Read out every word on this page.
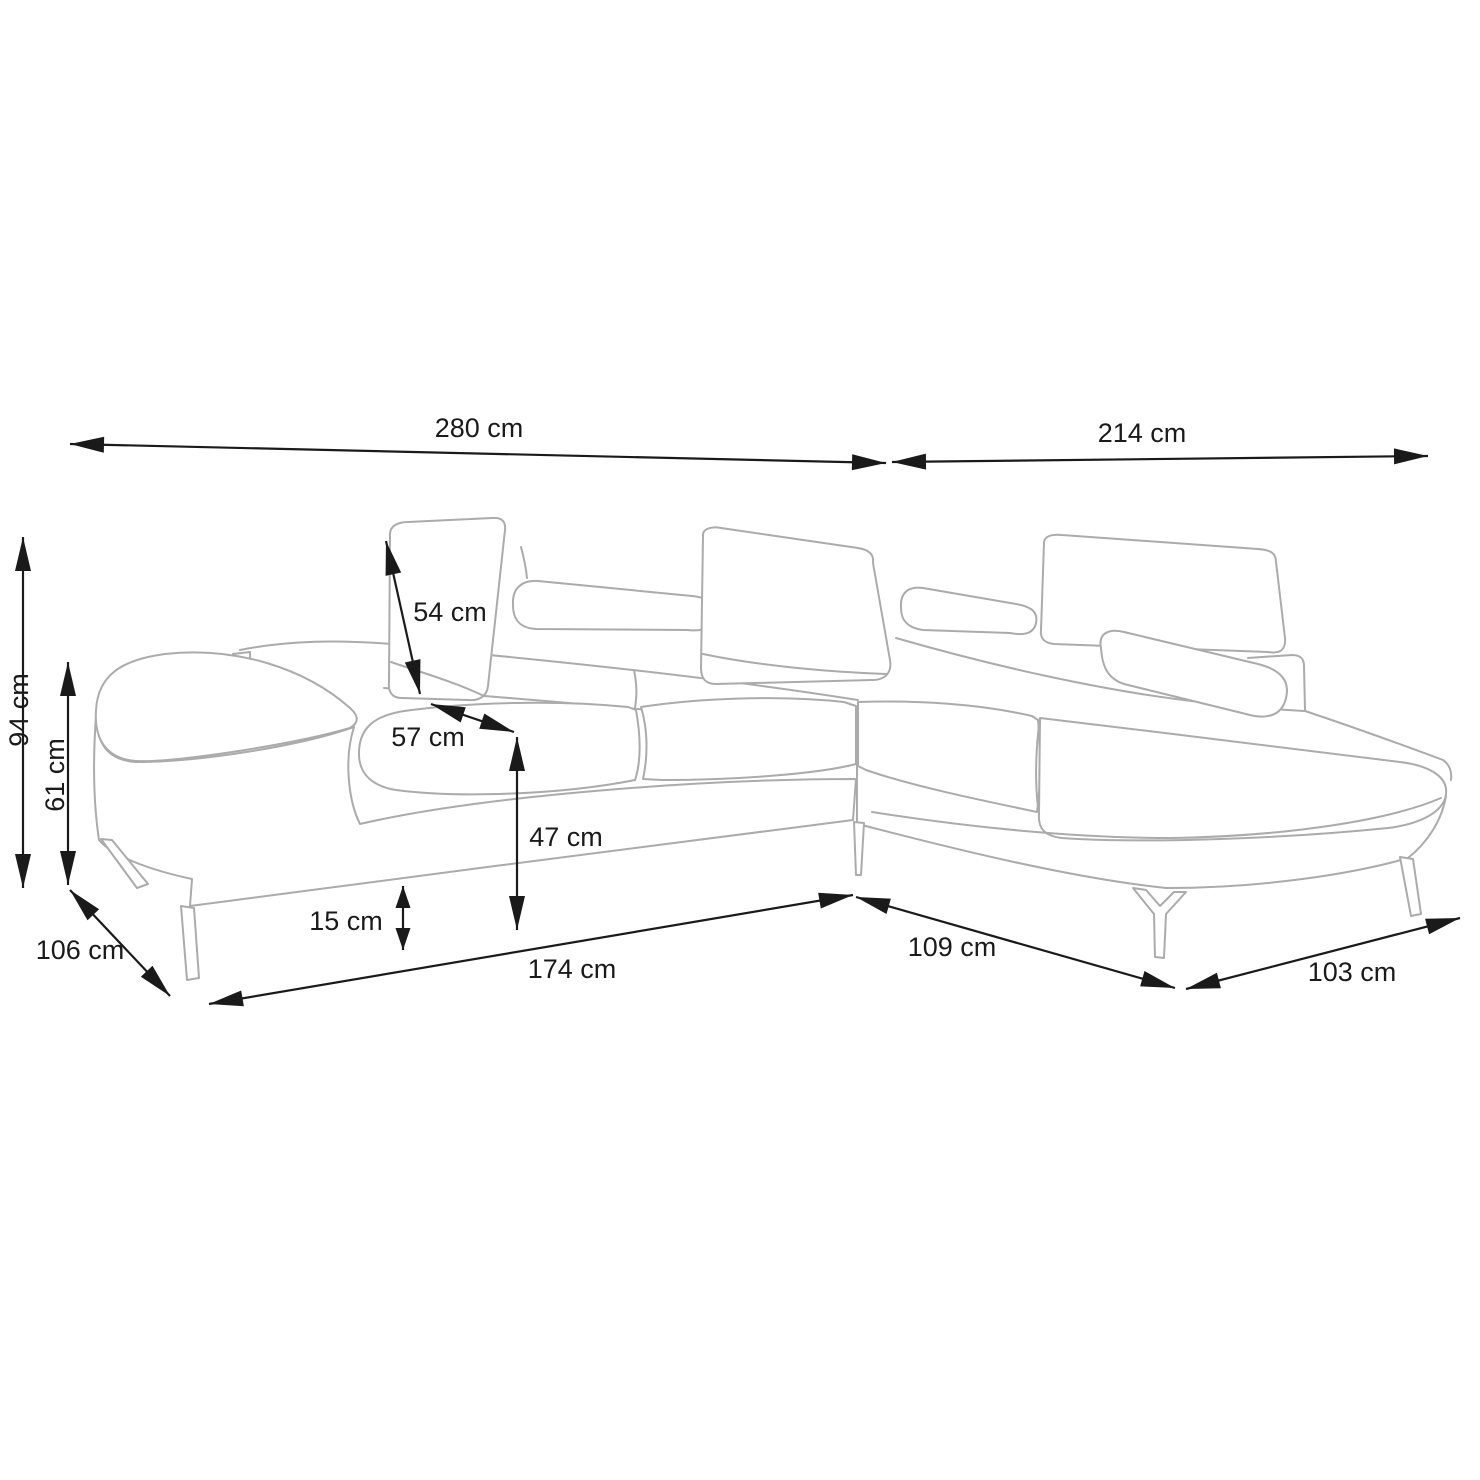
280 cm	214 cm
94 cm
61 cm
54 cm
57 cm
47 cm
15 cm
106 cm
174 cm
109 cm
103 cm
